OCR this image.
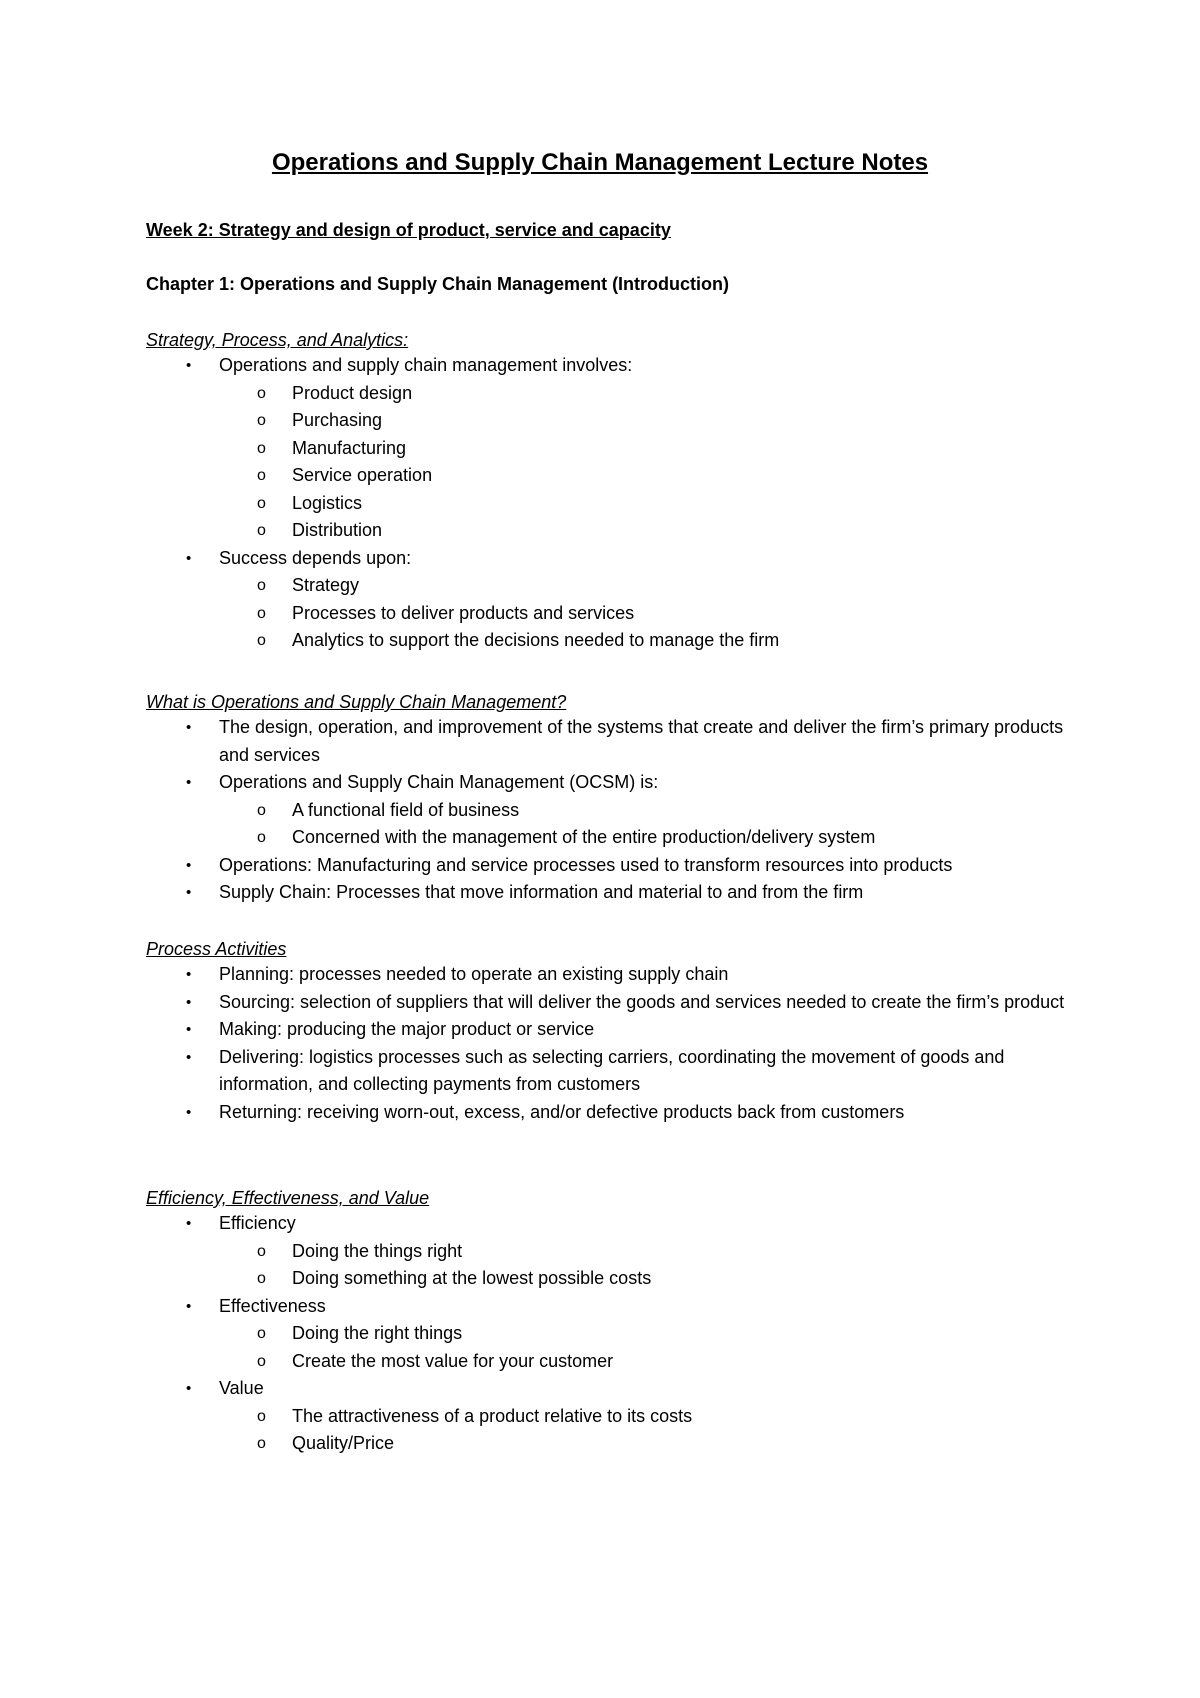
Operations and Supply Chain Management Lecture Notes
Week 2: Strategy and design of product, service and capacity
Chapter 1: Operations and Supply Chain Management (Introduction)
Strategy, Process, and Analytics:
• Operations and supply chain management involves:
o Product design
o Purchasing
o Manufacturing
o Service operation
o Logistics
o Distribution
• Success depends upon:
o Strategy
o Processes to deliver products and services
o Analytics to support the decisions needed to manage the firm
What is Operations and Supply Chain Management?
• The design, operation, and improvement of the systems that create and deliver the firm’s primary products and services
• Operations and Supply Chain Management (OCSM) is:
o A functional field of business
o Concerned with the management of the entire production/delivery system
• Operations: Manufacturing and service processes used to transform resources into products
• Supply Chain: Processes that move information and material to and from the firm
Process Activities
• Planning: processes needed to operate an existing supply chain
• Sourcing: selection of suppliers that will deliver the goods and services needed to create the firm’s product
• Making: producing the major product or service
• Delivering: logistics processes such as selecting carriers, coordinating the movement of goods and information, and collecting payments from customers
• Returning: receiving worn-out, excess, and/or defective products back from customers
Efficiency, Effectiveness, and Value
• Efficiency
o Doing the things right
o Doing something at the lowest possible costs
• Effectiveness
o Doing the right things
o Create the most value for your customer
• Value
o The attractiveness of a product relative to its costs
o Quality/Price
